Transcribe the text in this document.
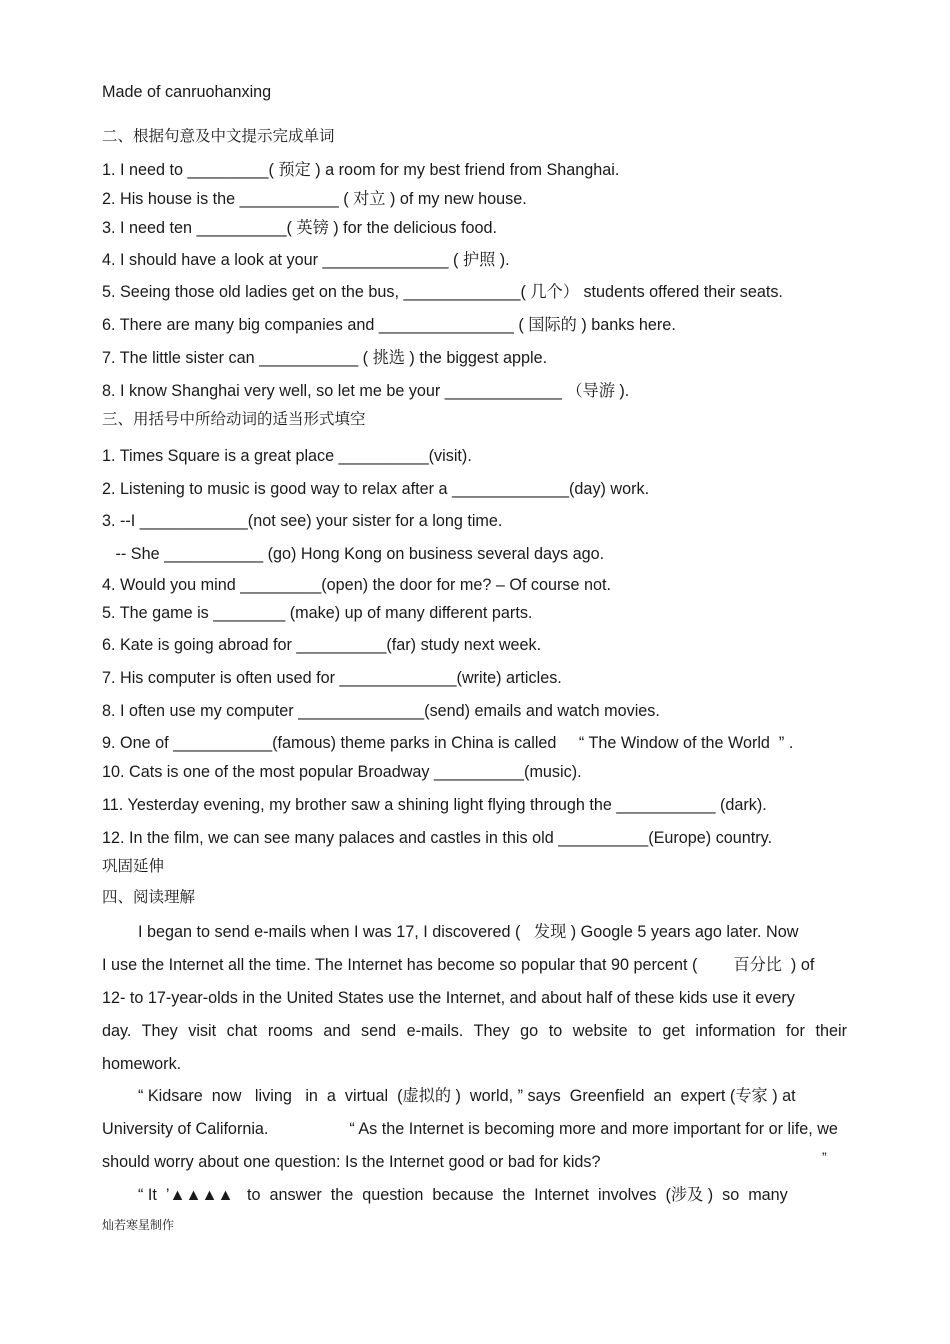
Made of canruohanxing
二、根据句意及中文提示完成单词
1. I need to _________( 预定 ) a room for my best friend from Shanghai.
2. His house is the ___________ ( 对立 ) of my new house.
3. I need ten __________( 英镑 ) for the delicious food.
4. I should have a look at your ______________ ( 护照 ).
5. Seeing those old ladies get on the bus, _____________( 几个） students offered their seats.
6. There are many big companies and _______________ ( 国际的 ) banks here.
7. The little sister can ___________ ( 挑选 ) the biggest apple.
8. I know Shanghai very well, so let me be your _____________ （导游 ).
三、用括号中所给动词的适当形式填空
1. Times Square is a great place __________(visit).
2. Listening to music is good way to relax after a _____________(day) work.
3. --I ____________(not see) your sister for a long time.
-- She ___________ (go) Hong Kong on business several days ago.
4. Would you mind _________(open) the door for me? – Of course not.
5. The game is ________ (make) up of many different parts.
6. Kate is going abroad for __________(far) study next week.
7. His computer is often used for _____________(write) articles.
8. I often use my computer ______________(send) emails and watch movies.
9. One of ___________(famous) theme parks in China is called     “ The Window of the World  ” .
10. Cats is one of the most popular Broadway __________(music).
11. Yesterday evening, my brother saw a shining light flying through the ___________ (dark).
12. In the film, we can see many palaces and castles in this old __________(Europe) country.
巩固延伸
四、阅读理解
I began to send e-mails when I was 17, I discovered (   发现 ) Google 5 years ago later. Now
I use the Internet all the time. The Internet has become so popular that 90 percent (        百分比  ) of
12- to 17-year-olds in the United States use the Internet, and about half of these kids use it every
day. They visit chat rooms and send e-mails. They go to website to get information for their
homework.
“ Kidsare  now   living   in  a  virtual  (虚拟的 )  world, ” says  Greenfield  an  expert (专家 ) at
University of California.                  “ As the Internet is becoming more and more important for or life, we
should worry about one question: Is the Internet good or bad for kids?	”
“ It  ’▲▲▲▲   to  answer  the  question  because  the  Internet  involves  (涉及 )  so  many
灿若寒星制作
